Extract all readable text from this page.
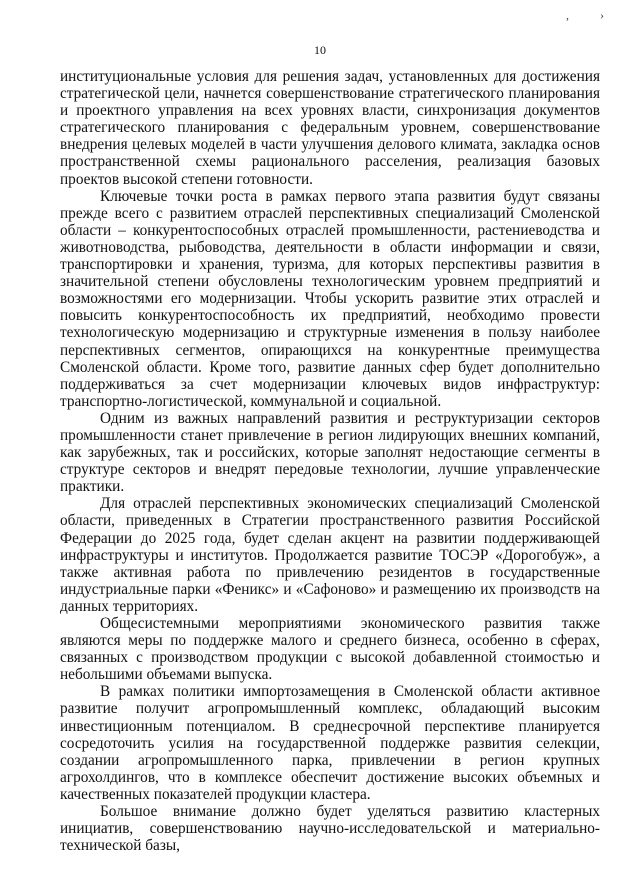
,	›
10

институциональные условия для решения задач, установленных для достижения стратегической цели, начнется совершенствование стратегического планирования и проектного управления на всех уровнях власти, синхронизация документов стратегического планирования с федеральным уровнем, совершенствование внедрения целевых моделей в части улучшения делового климата, закладка основ пространственной схемы рационального расселения, реализация базовых проектов высокой степени готовности.

Ключевые точки роста в рамках первого этапа развития будут связаны прежде всего с развитием отраслей перспективных специализаций Смоленской области – конкурентоспособных отраслей промышленности, растениеводства и животноводства, рыбоводства, деятельности в области информации и связи, транспортировки и хранения, туризма, для которых перспективы развития в значительной степени обусловлены технологическим уровнем предприятий и возможностями его модернизации. Чтобы ускорить развитие этих отраслей и повысить конкурентоспособность их предприятий, необходимо провести технологическую модернизацию и структурные изменения в пользу наиболее перспективных сегментов, опирающихся на конкурентные преимущества Смоленской области. Кроме того, развитие данных сфер будет дополнительно поддерживаться за счет модернизации ключевых видов инфраструктур: транспортно-логистической, коммунальной и социальной.

Одним из важных направлений развития и реструктуризации секторов промышленности станет привлечение в регион лидирующих внешних компаний, как зарубежных, так и российских, которые заполнят недостающие сегменты в структуре секторов и внедрят передовые технологии, лучшие управленческие практики.

Для отраслей перспективных экономических специализаций Смоленской области, приведенных в Стратегии пространственного развития Российской Федерации до 2025 года, будет сделан акцент на развитии поддерживающей инфраструктуры и институтов. Продолжается развитие ТОСЭР «Дорогобуж», а также активная работа по привлечению резидентов в государственные индустриальные парки «Феникс» и «Сафоново» и размещению их производств на данных территориях.

Общесистемными мероприятиями экономического развития также являются меры по поддержке малого и среднего бизнеса, особенно в сферах, связанных с производством продукции с высокой добавленной стоимостью и небольшими объемами выпуска.

В рамках политики импортозамещения в Смоленской области активное развитие получит агропромышленный комплекс, обладающий высоким инвестиционным потенциалом. В среднесрочной перспективе планируется сосредоточить усилия на государственной поддержке развития селекции, создании агропромышленного парка, привлечении в регион крупных агрохолдингов, что в комплексе обеспечит достижение высоких объемных и качественных показателей продукции кластера.

Большое внимание должно будет уделяться развитию кластерных инициатив, совершенствованию научно-исследовательской и материально-технической базы,
